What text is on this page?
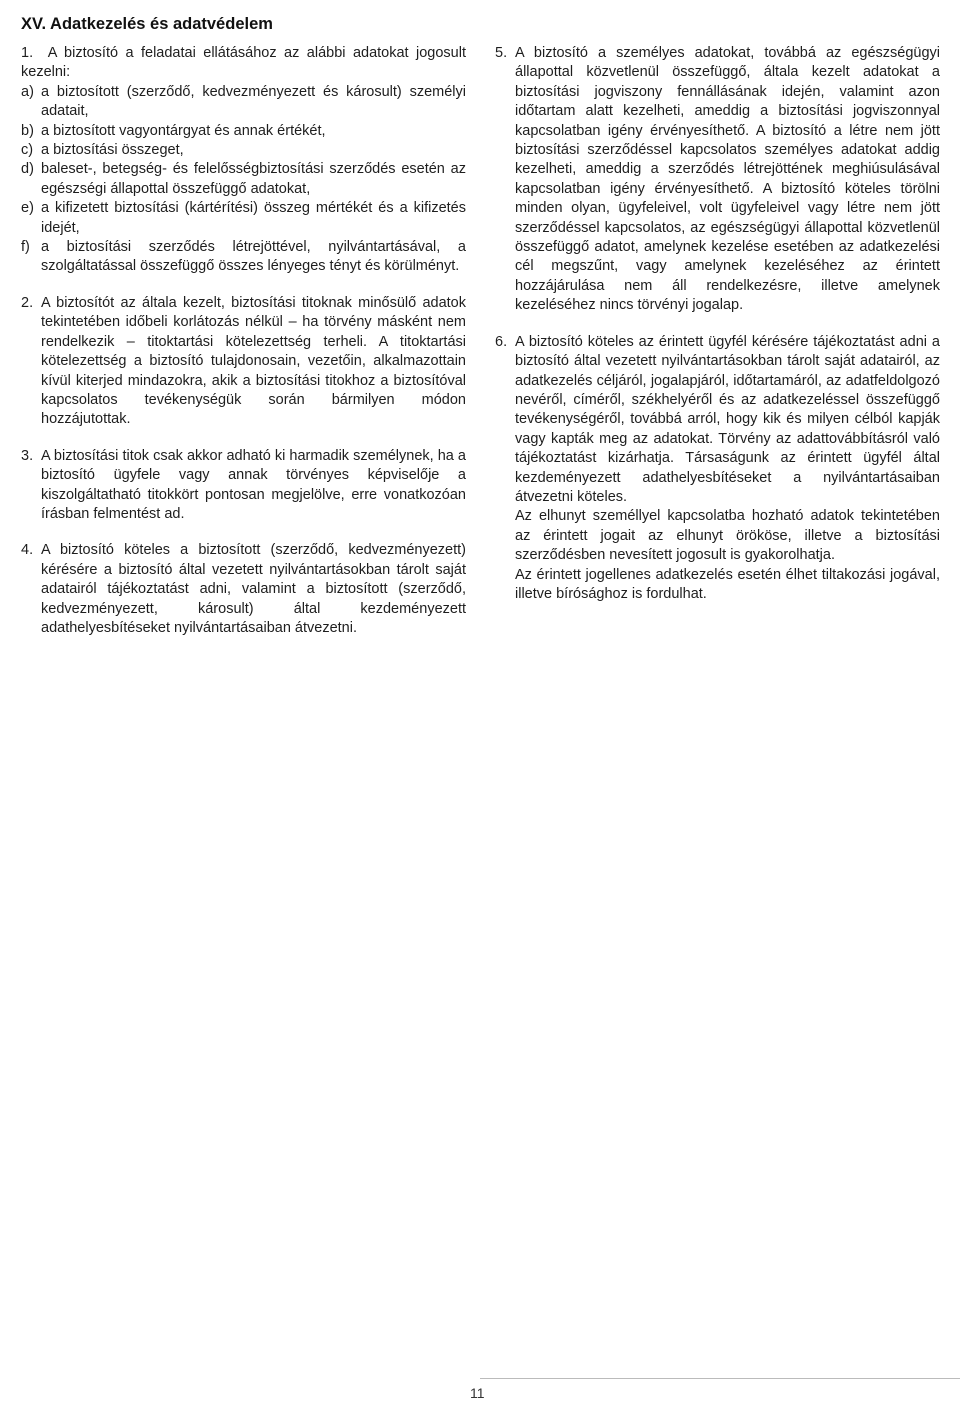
XV. Adatkezelés és adatvédelem
1. A biztosító a feladatai ellátásához az alábbi adatokat jogosult kezelni:
a) a biztosított (szerződő, kedvezményezett és károsult) személyi adatait,
b) a biztosított vagyontárgyat és annak értékét,
c) a biztosítási összeget,
d) baleset-, betegség- és felelősségbiztosítási szerződés esetén az egészségi állapottal összefüggő adatokat,
e) a kifizetett biztosítási (kártérítési) összeg mértékét és a kifizetés idejét,
f) a biztosítási szerződés létrejöttével, nyilvántartásával, a szolgáltatással összefüggő összes lényeges tényt és körülményt.
2. A biztosítót az általa kezelt, biztosítási titoknak minősülő adatok tekintetében időbeli korlátozás nélkül – ha törvény másként nem rendelkezik – titoktartási kötelezettség terheli. A titoktartási kötelezettség a biztosító tulajdonosain, vezetőin, alkalmazottain kívül kiterjed mindazokra, akik a biztosítási titokhoz a biztosítóval kapcsolatos tevékenységük során bármilyen módon hozzájutottak.
3. A biztosítási titok csak akkor adható ki harmadik személynek, ha a biztosító ügyfele vagy annak törvényes képviselője a kiszolgáltatható titokkört pontosan megjelölve, erre vonatkozóan írásban felmentést ad.
4. A biztosító köteles a biztosított (szerződő, kedvezményezett) kérésére a biztosító által vezetett nyilvántartásokban tárolt saját adatairól tájékoztatást adni, valamint a biztosított (szerződő, kedvezményezett, károsult) által kezdeményezett adathelyesbítéseket nyilvántartásaiban átvezetni.
5. A biztosító a személyes adatokat, továbbá az egészségügyi állapottal közvetlenül összefüggő, általa kezelt adatokat a biztosítási jogviszony fennállásának idején, valamint azon időtartam alatt kezelheti, ameddig a biztosítási jogviszonnyal kapcsolatban igény érvényesíthető. A biztosító a létre nem jött biztosítási szerződéssel kapcsolatos személyes adatokat addig kezelheti, ameddig a szerződés létrejöttének meghiúsulásával kapcsolatban igény érvényesíthető. A biztosító köteles törölni minden olyan, ügyfeleivel, volt ügyfeleivel vagy létre nem jött szerződéssel kapcsolatos, az egészségügyi állapottal közvetlenül összefüggő adatot, amelynek kezelése esetében az adatkezelési cél megszűnt, vagy amelynek kezeléséhez az érintett hozzájárulása nem áll rendelkezésre, illetve amelynek kezeléséhez nincs törvényi jogalap.
6. A biztosító köteles az érintett ügyfél kérésére tájékoztatást adni a biztosító által vezetett nyilvántartásokban tárolt saját adatairól, az adatkezelés céljáról, jogalapjáról, időtartamáról, az adatfeldolgozó nevéről, címéről, székhelyéről és az adatkezeléssel összefüggő tevékenységéről, továbbá arról, hogy kik és milyen célból kapják vagy kapták meg az adatokat. Törvény az adattovábbításról való tájékoztatást kizárhatja. Társaságunk az érintett ügyfél által kezdeményezett adathelyesbítéseket a nyilvántartásaiban átvezetni köteles.
Az elhunyt személlyel kapcsolatba hozható adatok tekintetében az érintett jogait az elhunyt örököse, illetve a biztosítási szerződésben nevesített jogosult is gyakorolhatja.
Az érintett jogellenes adatkezelés esetén élhet tiltakozási jogával, illetve bírósághoz is fordulhat.
11
